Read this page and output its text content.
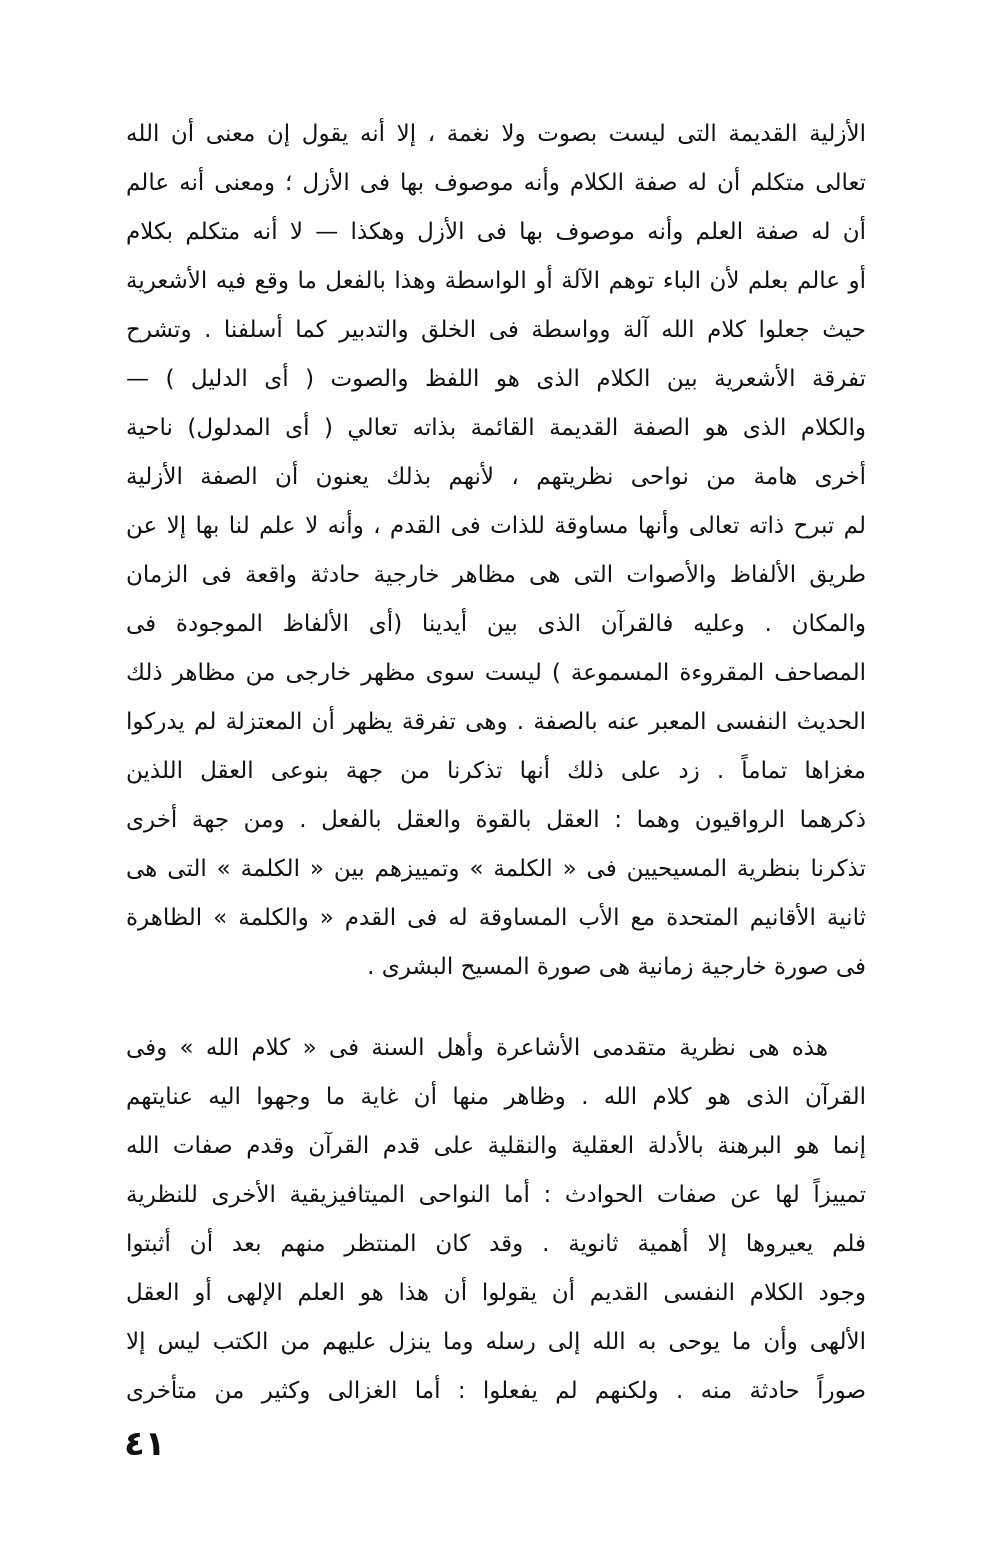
الأزلية القديمة التى ليست بصوت ولا نغمة ، إلا أنه يقول إن معنى أن الله
تعالى متكلم أن له صفة الكلام وأنه موصوف بها فى الأزل ؛ ومعنى أنه عالم
أن له صفة العلم وأنه موصوف بها فى الأزل وهكذا — لا أنه متكلم بكلام
أو عالم بعلم لأن الباء توهم الآلة أو الواسطة وهذا بالفعل ما وقع فيه الأشعرية
حيث جعلوا كلام الله آلة وواسطة فى الخلق والتدبير كما أسلفنا . وتشرح
تفرقة الأشعرية بين الكلام الذى هو اللفظ والصوت ( أى الدليل ) —
والكلام الذى هو الصفة القديمة القائمة بذاته تعالي ( أى المدلول) ناحية
أخرى هامة من نواحى نظريتهم ، لأنهم بذلك يعنون أن الصفة الأزلية
لم تبرح ذاته تعالى وأنها مساوقة للذات فى القدم ، وأنه لا علم لنا بها إلا عن
طريق الألفاظ والأصوات التى هى مظاهر خارجية حادثة واقعة فى الزمان
والمكان . وعليه فالقرآن الذى بين أيدينا (أى الألفاظ الموجودة فى
المصاحف المقروءة المسموعة ) ليست سوى مظهر خارجى من مظاهر ذلك
الحديث النفسى المعبر عنه بالصفة . وهى تفرقة يظهر أن المعتزلة لم يدركوا
مغزاها تماماً . زد على ذلك أنها تذكرنا من جهة بنوعى العقل اللذين
ذكرهما الرواقيون وهما : العقل بالقوة والعقل بالفعل . ومن جهة أخرى
تذكرنا بنظرية المسيحيين فى « الكلمة » وتمييزهم بين « الكلمة » التى هى
ثانية الأقانيم المتحدة مع الأب المساوقة له فى القدم « والكلمة » الظاهرة
فى صورة خارجية زمانية هى صورة المسيح البشرى .
هذه هى نظرية متقدمى الأشاعرة وأهل السنة فى « كلام الله » وفى
القرآن الذى هو كلام الله . وظاهر منها أن غاية ما وجهوا اليه عنايتهم
إنما هو البرهنة بالأدلة العقلية والنقلية على قدم القرآن وقدم صفات الله
تمييزاً لها عن صفات الحوادث : أما النواحى الميتافيزيقية الأخرى للنظرية
فلم يعيروها إلا أهمية ثانوية . وقد كان المنتظر منهم بعد أن أثبتوا
وجود الكلام النفسى القديم أن يقولوا أن هذا هو العلم الإلهى أو العقل
الألهى وأن ما يوحى به الله إلى رسله وما ينزل عليهم من الكتب ليس إلا
صوراً حادثة منه . ولكنهم لم يفعلوا : أما الغزالى وكثير من متأخرى
٤١
